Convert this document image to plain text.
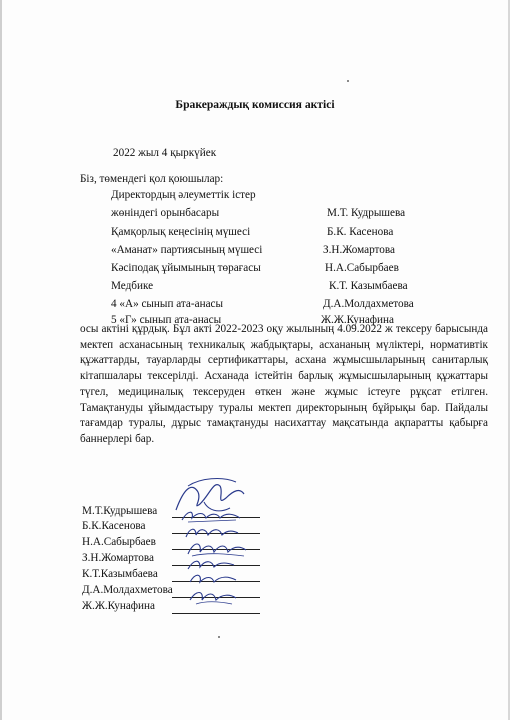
Бракераждық комиссия актісі
2022 жыл 4 қыркүйек
Біз, төмендегі қол қоюшылар:
Директордың әлеуметтік істер
жөніндегі орынбасары	М.Т. Кудрышева
Қамқорлық кеңесінің мүшесі	Б.К. Касенова
«Аманат» партиясының мүшесі	З.Н.Жомартова
Кәсіподақ ұйымының төрағасы	Н.А.Сабырбаев
Медбике	К.Т. Казымбаева
4 «А» сынып ата-анасы	Д.А.Молдахметова
5 «Г» сынып ата-анасы	Ж.Ж.Кунафина
осы актіні құрдық. Бұл акті 2022-2023 оқу жылының 4.09.2022 ж тексеру барысында мектеп асханасының техникалық жабдықтары, асхананың мүліктері, нормативтік құжаттарды, тауарларды сертификаттары, асхана жұмысшыларының санитарлық кітапшалары тексерілді. Асханада істейтін барлық жұмысшыларының құжаттары түгел, медициналық тексеруден өткен және жұмыс істеуге рұқсат етілген. Тамақтануды ұйымдастыру туралы мектеп директорының бұйрықы бар. Пайдалы тағамдар туралы, дұрыс тамақтануды насихаттау мақсатында ақпаратты қабырға баннерлері бар.
М.Т.Кудрышева
Б.К.Касенова
Н.А.Сабырбаев
З.Н.Жомартова
К.Т.Казымбаева
Д.А.Молдахметова
Ж.Ж.Кунафина
